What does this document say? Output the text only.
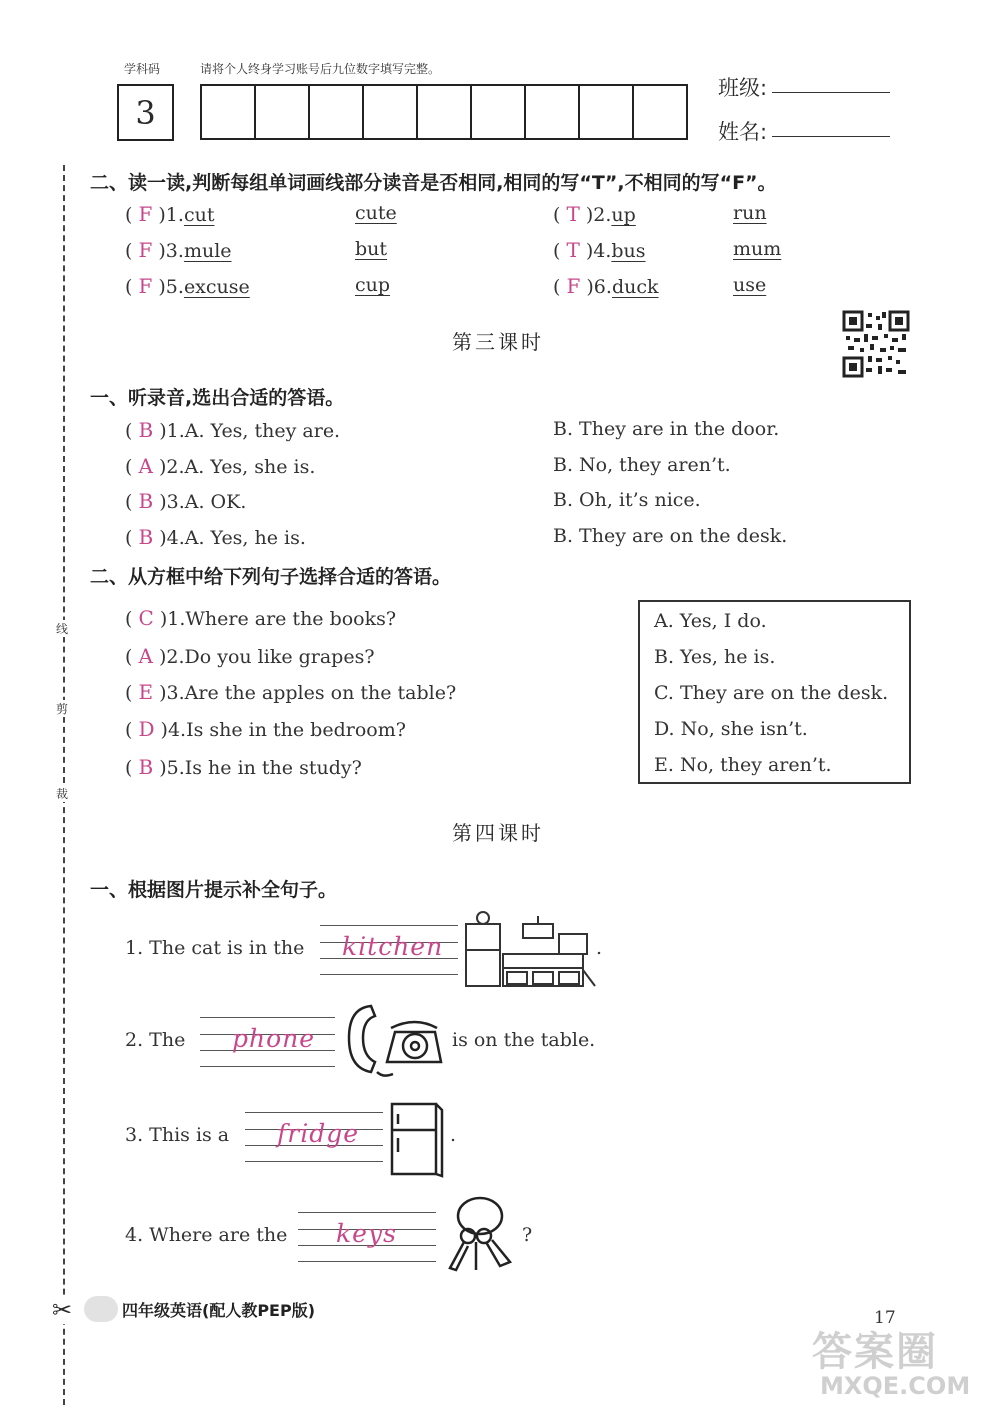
学科码	请将个人终身学习账号后九位数字填写完整。
3
班级:
姓名:
线
剪
裁
✂
二、读一读,判断每组单词画线部分读音是否相同,相同的写“T”,不相同的写“F”。
( F )1.cut	cute	( T )2.up	run
( F )3.mule	but	( T )4.bus	mum
( F )5.excuse	cup	( F )6.duck	use
第三课时
一、听录音,选出合适的答语。
( B )1.A. Yes, they are.	B. They are in the door.
( A )2.A. Yes, she is.	B. No, they aren’t.
( B )3.A. OK.	B. Oh, it’s nice.
( B )4.A. Yes, he is.	B. They are on the desk.
二、从方框中给下列句子选择合适的答语。
( C )1.Where are the books?
( A )2.Do you like grapes?
( E )3.Are the apples on the table?
( D )4.Is she in the bedroom?
( B )5.Is he in the study?
A. Yes, I do.
B. Yes, he is.
C. They are on the desk.
D. No, she isn’t.
E. No, they aren’t.
第四课时
一、根据图片提示补全句子。
1. The cat is in the kitchen	.
2. The phone	is on the table.
3. This is a fridge	.
4. Where are the keys	?
四年级英语(配人教PEP版)	17
答案圈
MXQE.COM
